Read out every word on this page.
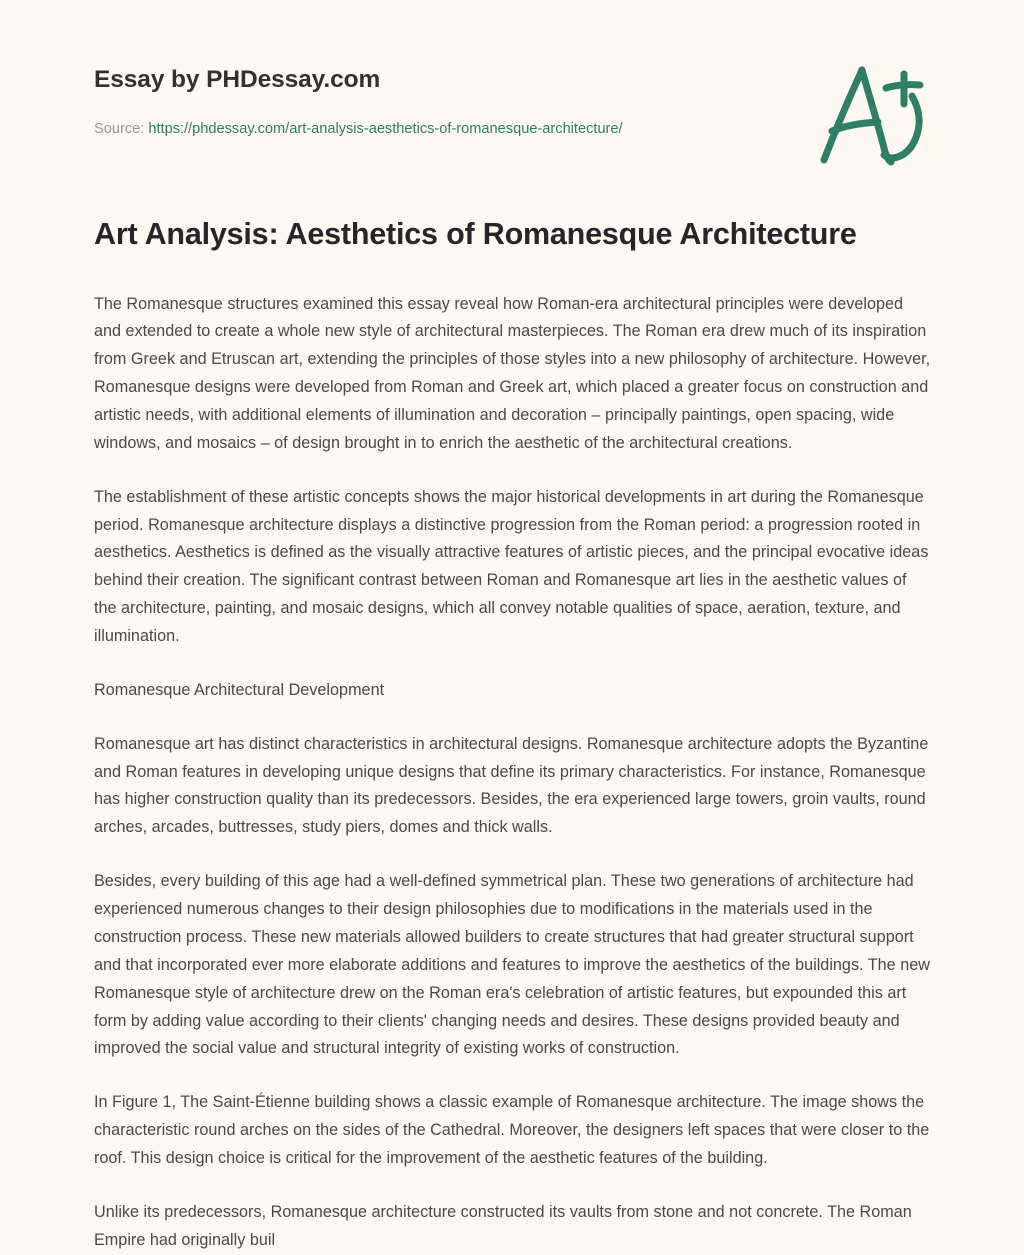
Essay by PHDessay.com
Source: https://phdessay.com/art-analysis-aesthetics-of-romanesque-architecture/
Art Analysis: Aesthetics of Romanesque Architecture

The Romanesque structures examined this essay reveal how Roman-era architectural principles were developed and extended to create a whole new style of architectural masterpieces. The Roman era drew much of its inspiration from Greek and Etruscan art, extending the principles of those styles into a new philosophy of architecture. However, Romanesque designs were developed from Roman and Greek art, which placed a greater focus on construction and artistic needs, with additional elements of illumination and decoration – principally paintings, open spacing, wide windows, and mosaics – of design brought in to enrich the aesthetic of the architectural creations.

The establishment of these artistic concepts shows the major historical developments in art during the Romanesque period. Romanesque architecture displays a distinctive progression from the Roman period: a progression rooted in aesthetics. Aesthetics is defined as the visually attractive features of artistic pieces, and the principal evocative ideas behind their creation. The significant contrast between Roman and Romanesque art lies in the aesthetic values of the architecture, painting, and mosaic designs, which all convey notable qualities of space, aeration, texture, and illumination.

Romanesque Architectural Development

Romanesque art has distinct characteristics in architectural designs. Romanesque architecture adopts the Byzantine and Roman features in developing unique designs that define its primary characteristics. For instance, Romanesque has higher construction quality than its predecessors. Besides, the era experienced large towers, groin vaults, round arches, arcades, buttresses, study piers, domes and thick walls.

Besides, every building of this age had a well-defined symmetrical plan. These two generations of architecture had experienced numerous changes to their design philosophies due to modifications in the materials used in the construction process. These new materials allowed builders to create structures that had greater structural support and that incorporated ever more elaborate additions and features to improve the aesthetics of the buildings. The new Romanesque style of architecture drew on the Roman era's celebration of artistic features, but expounded this art form by adding value according to their clients' changing needs and desires. These designs provided beauty and improved the social value and structural integrity of existing works of construction.

In Figure 1, The Saint-Étienne building shows a classic example of Romanesque architecture. The image shows the characteristic round arches on the sides of the Cathedral. Moreover, the designers left spaces that were closer to the roof. This design choice is critical for the improvement of the aesthetic features of the building.

Unlike its predecessors, Romanesque architecture constructed its vaults from stone and not concrete. The Roman Empire had originally buil
